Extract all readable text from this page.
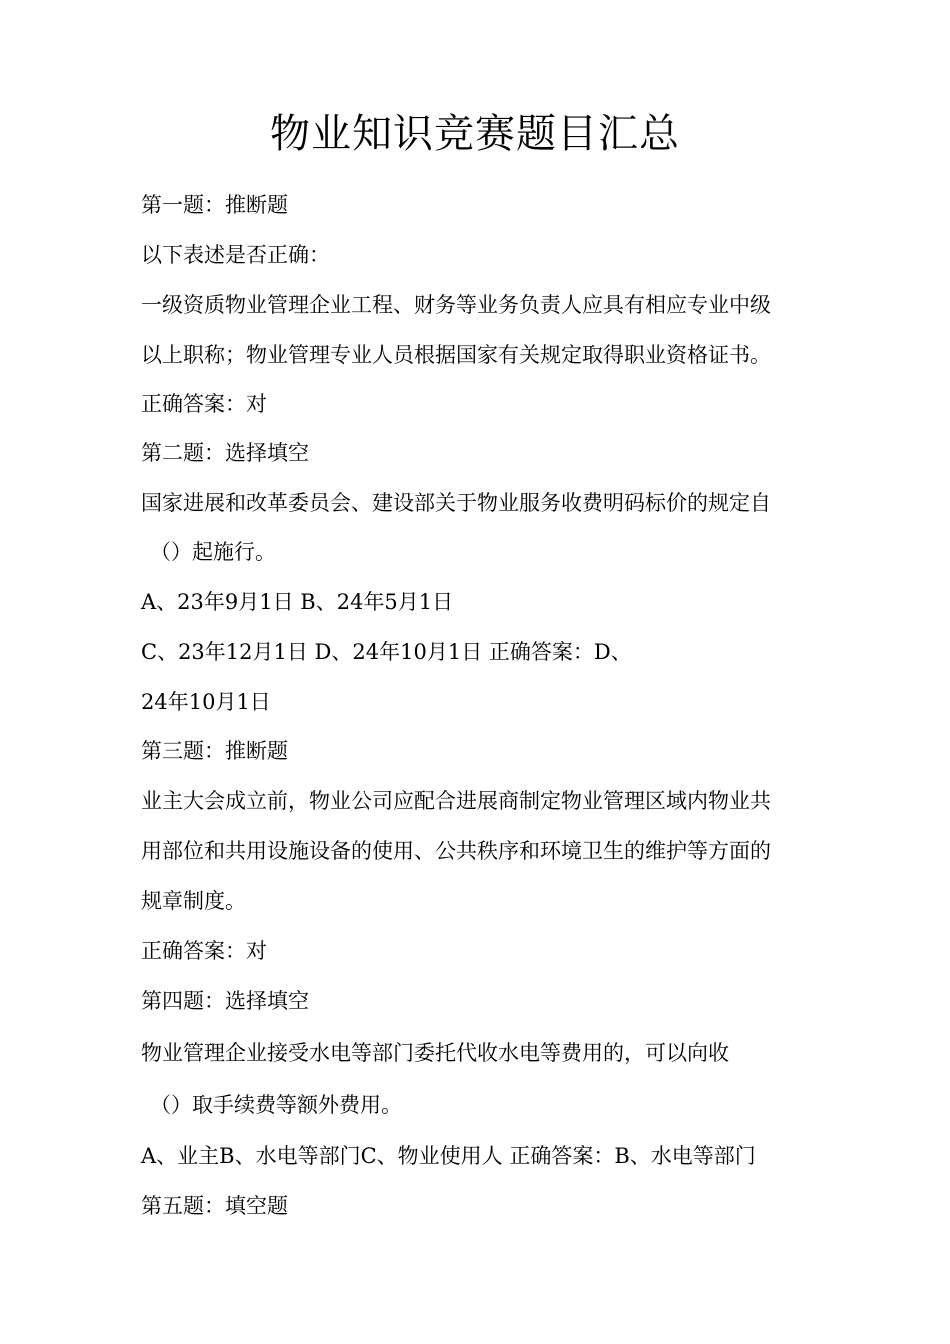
物业知识竞赛题目汇总
第一题：推断题
以下表述是否正确：
一级资质物业管理企业工程、财务等业务负责人应具有相应专业中级
以上职称；物业管理专业人员根据国家有关规定取得职业资格证书。
正确答案：对
第二题：选择填空
国家进展和改革委员会、建设部关于物业服务收费明码标价的规定自
（）起施行。
A、23年9月1日 B、24年5月1日
C、23年12月1日 D、24年10月1日 正确答案：D、
24年10月1日
第三题：推断题
业主大会成立前，物业公司应配合进展商制定物业管理区域内物业共
用部位和共用设施设备的使用、公共秩序和环境卫生的维护等方面的
规章制度。
正确答案：对
第四题：选择填空
物业管理企业接受水电等部门委托代收水电等费用的，可以向收
（）取手续费等额外费用。
A、业主B、水电等部门C、物业使用人 正确答案：B、水电等部门
第五题：填空题
